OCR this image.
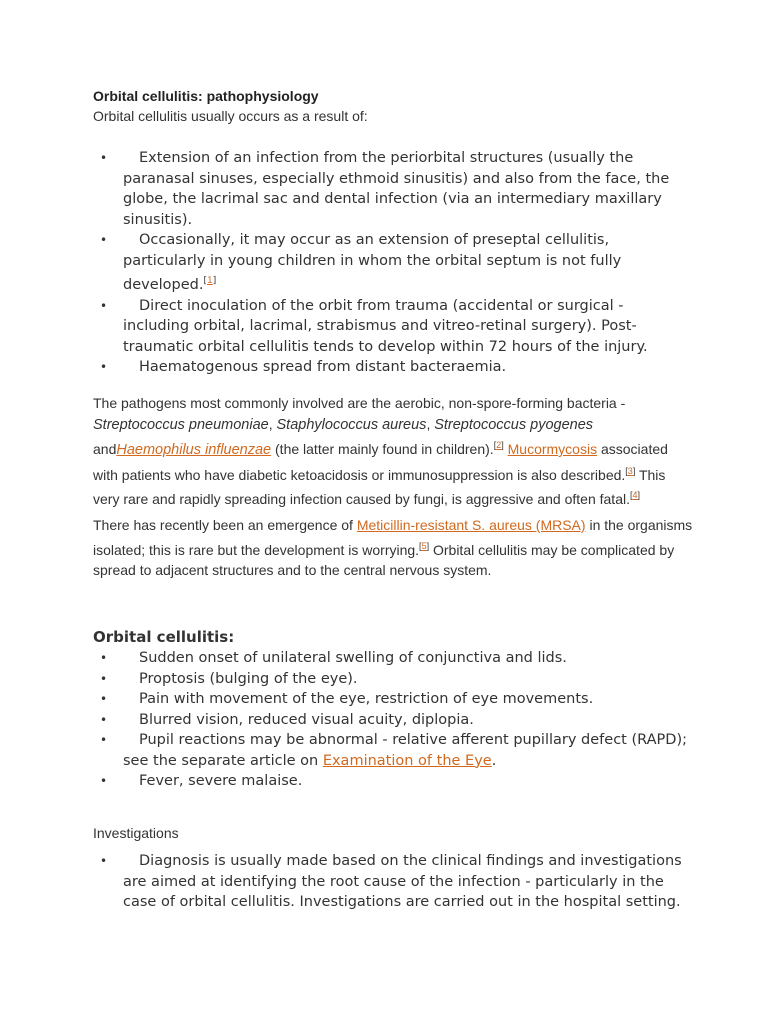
Orbital cellulitis: pathophysiology
Orbital cellulitis usually occurs as a result of:
• Extension of an infection from the periorbital structures (usually the paranasal sinuses, especially ethmoid sinusitis) and also from the face, the globe, the lacrimal sac and dental infection (via an intermediary maxillary sinusitis).
• Occasionally, it may occur as an extension of preseptal cellulitis, particularly in young children in whom the orbital septum is not fully developed.[1]
• Direct inoculation of the orbit from trauma (accidental or surgical - including orbital, lacrimal, strabismus and vitreo-retinal surgery). Post-traumatic orbital cellulitis tends to develop within 72 hours of the injury.
• Haematogenous spread from distant bacteraemia.
The pathogens most commonly involved are the aerobic, non-spore-forming bacteria -Streptococcus pneumoniae, Staphylococcus aureus, Streptococcus pyogenes andHaemophilus influenzae (the latter mainly found in children).[2] Mucormycosis associated with patients who have diabetic ketoacidosis or immunosuppression is also described.[3] This very rare and rapidly spreading infection caused by fungi, is aggressive and often fatal.[4]
There has recently been an emergence of Meticillin-resistant S. aureus (MRSA) in the organisms isolated; this is rare but the development is worrying.[5] Orbital cellulitis may be complicated by spread to adjacent structures and to the central nervous system.
Orbital cellulitis:
• Sudden onset of unilateral swelling of conjunctiva and lids.
• Proptosis (bulging of the eye).
• Pain with movement of the eye, restriction of eye movements.
• Blurred vision, reduced visual acuity, diplopia.
• Pupil reactions may be abnormal - relative afferent pupillary defect (RAPD); see the separate article on Examination of the Eye.
• Fever, severe malaise.
Investigations
• Diagnosis is usually made based on the clinical findings and investigations are aimed at identifying the root cause of the infection - particularly in the case of orbital cellulitis. Investigations are carried out in the hospital setting.
